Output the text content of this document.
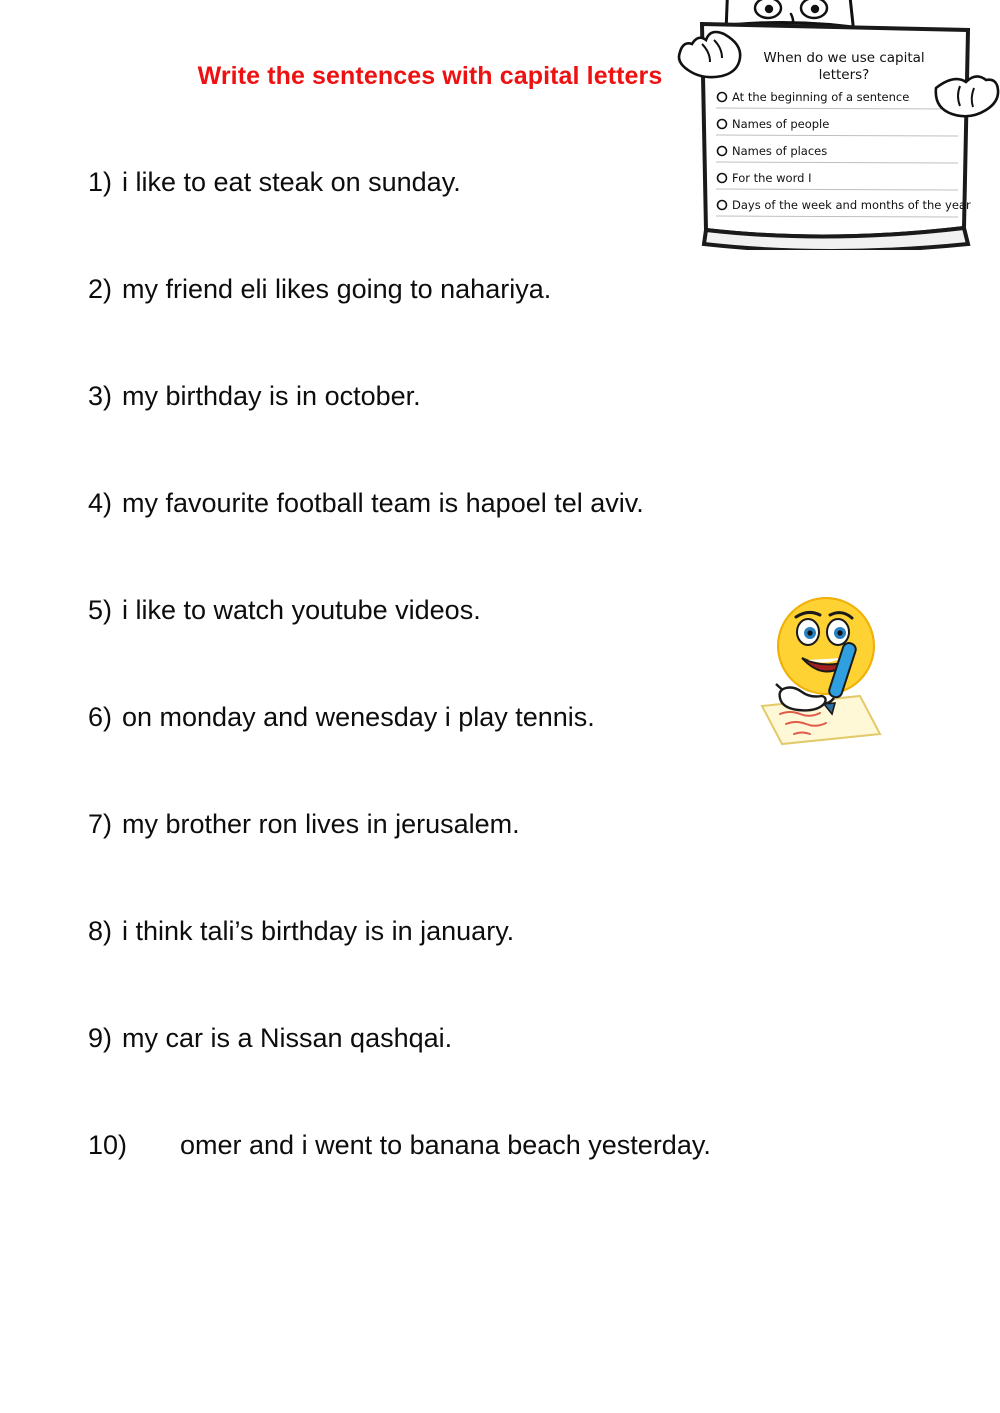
Write the sentences with capital letters
When do we use capital
letters?
At the beginning of a sentence
Names of people
Names of places
For the word I
Days of the week and months of the year
1) i like to eat steak on sunday.
2) my friend eli likes going to nahariya.
3) my birthday is in october.
4) my favourite football team is hapoel tel aviv.
5) i like to watch youtube videos.
6) on monday and wenesday i play tennis.
7) my brother ron lives in jerusalem.
8) i think tali’s birthday is in january.
9) my car is a Nissan qashqai.
10)	omer and i went to banana beach yesterday.
